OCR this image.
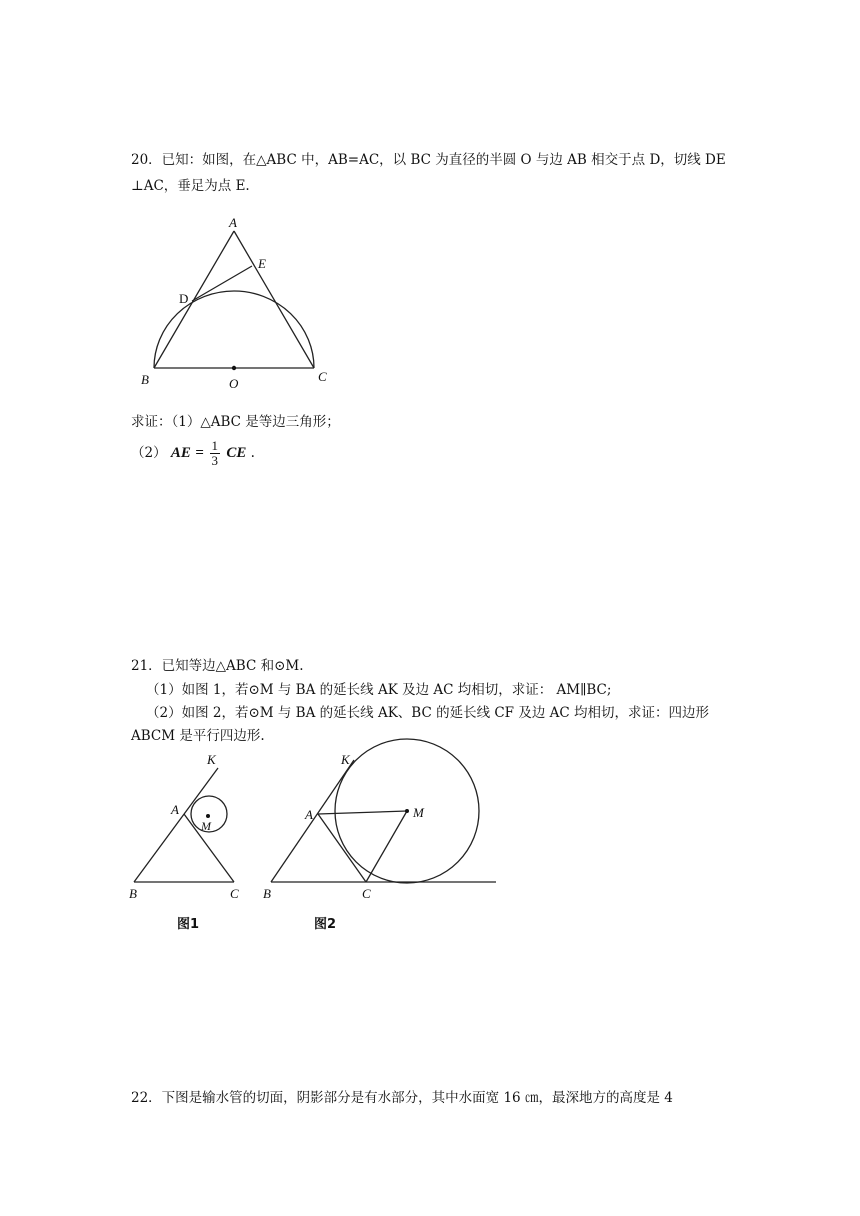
20．已知：如图，在△ABC 中，AB=AC，以 BC 为直径的半圆 O 与边 AB 相交于点 D，切线 DE
⊥AC，垂足为点 E.
A
E
D
B	O	C
求证：（1）△ABC 是等边三角形；
（2） AE = $\frac{1}{3}$ CE .
21．已知等边△ABC 和⊙M.
（1）如图 1，若⊙M 与 BA 的延长线 AK 及边 AC 均相切，求证： AM∥BC;
（2）如图 2，若⊙M 与 BA 的延长线 AK、BC 的延长线 CF 及边 AC 均相切，求证：四边形
ABCM 是平行四边形.
K
A
M
B	C
K
A	M
B	C
图1	图2
22．下图是输水管的切面，阴影部分是有水部分，其中水面宽 16 ㎝，最深地方的高度是 4
